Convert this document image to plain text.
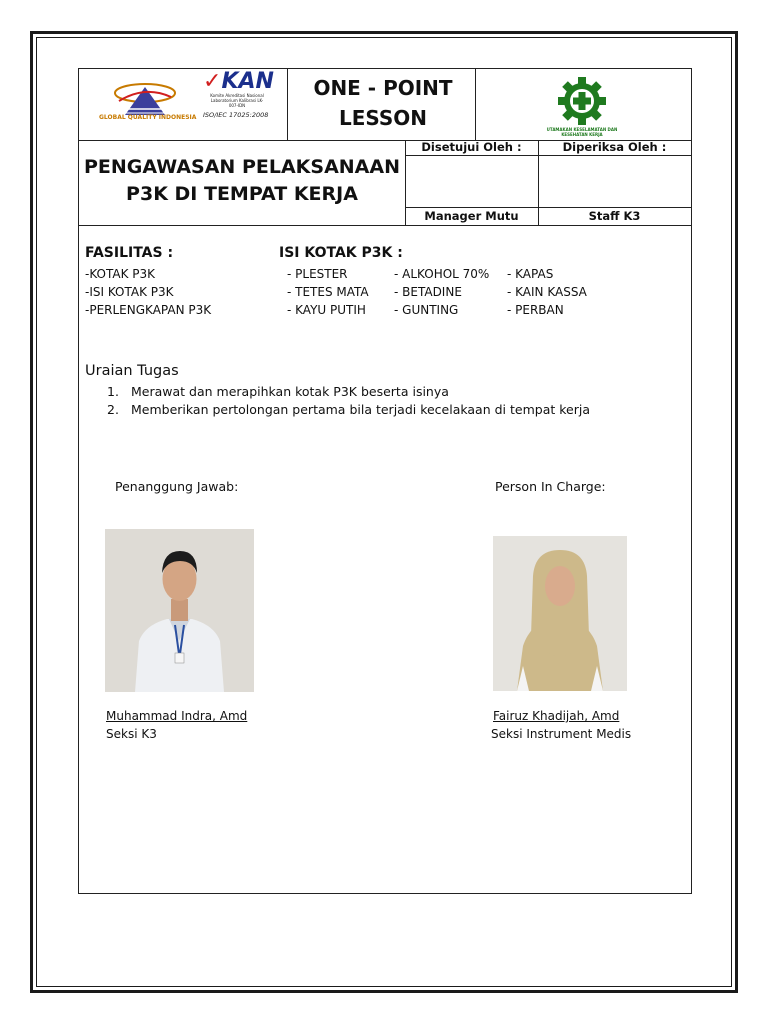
GLOBAL QUALITY INDONESIA
✓KAN
Komite Akreditasi Nasional Laboratorium Kalibrasi LK-007-IDN
ISO/IEC 17025:2008
ONE - POINT
LESSON	UTAMAKAN KESELAMATAN DAN KESEHATAN KERJA
PENGAWASAN PELAKSANAAN
P3K DI TEMPAT KERJA
Disetujui Oleh :	Diperiksa Oleh :
Manager Mutu	Staff K3
FASILITAS :
-KOTAK P3K
-ISI KOTAK P3K
-PERLENGKAPAN P3K
ISI KOTAK P3K :
- PLESTER
- TETES MATA
- KAYU PUTIH
- ALKOHOL 70%
- BETADINE
- GUNTING
- KAPAS
- KAIN KASSA
- PERBAN
Uraian Tugas
1. Merawat dan merapihkan kotak P3K beserta isinya
2. Memberikan pertolongan pertama bila terjadi kecelakaan di tempat kerja
Penanggung Jawab:	Person In Charge:
Muhammad Indra, Amd
Seksi K3
Fairuz Khadijah, Amd
Seksi Instrument Medis
